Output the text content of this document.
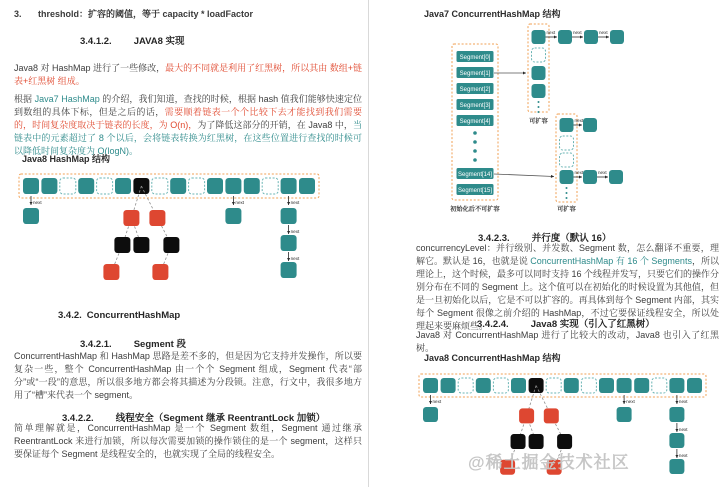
3. threshold：扩容的阈值，等于 capacity * loadFactor
3.4.1.2. JAVA8 实现

Java8 对 HashMap 进行了一些修改，最大的不同就是利用了红黑树，所以其由 数组+链表+红黑树 组成。

根据 Java7 HashMap 的介绍，我们知道，查找的时候，根据 hash 值我们能够快速定位到数组的具体下标，但是之后的话，需要顺着链表一个个比较下去才能找到我们需要的，时间复杂度取决于链表的长度，为 O(n)，为了降低这部分的开销，在 Java8 中，当链表中的元素超过了 8 个以后，会将链表转换为红黑树，在这些位置进行查找的时候可以降低时间复杂度为 O(logN)。

Java8 HashMap 结构
next	next	next
next
next
3.4.2. ConcurrentHashMap
3.4.2.1. Segment 段

ConcurrentHashMap 和 HashMap 思路是差不多的，但是因为它支持并发操作，所以要复杂一些，整个 ConcurrentHashMap 由一个个 Segment 组成，Segment 代表“部分”或“一段”的意思，所以很多地方都会将其描述为分段锁。注意，行文中，我很多地方用了“槽”来代表一个 segment。

3.4.2.2. 线程安全（Segment 继承 ReentrantLock 加锁）

简单理解就是，ConcurrentHashMap 是一个 Segment 数组，Segment 通过继承 ReentrantLock 来进行加锁，所以每次需要加锁的操作锁住的是一个 segment，这样只要保证每个 Segment 是线程安全的，也就实现了全局的线程安全。

Java7 ConcurrentHashMap 结构
Segment[0]
Segment[1]
Segment[2]
Segment[3]
Segment[4]
Segment[14]
Segment[15]
初始化后不可扩容
可扩容
next	next	next
可扩容
next
next	next
3.4.2.3. 并行度（默认 16）

concurrencyLevel：并行级别、并发数、Segment 数，怎么翻译不重要，理解它。默认是 16，也就是说 ConcurrentHashMap 有 16 个 Segments，所以理论上，这个时候，最多可以同时支持 16 个线程并发写，只要它们的操作分别分布在不同的 Segment 上。这个值可以在初始化的时候设置为其他值，但是一旦初始化以后，它是不可以扩容的。再具体到每个 Segment 内部，其实每个 Segment 很像之前介绍的 HashMap，不过它要保证线程安全，所以处理起来要麻烦些。

3.4.2.4. Java8 实现（引入了红黑树）

Java8 对 ConcurrentHashMap 进行了比较大的改动，Java8 也引入了红黑树。

Java8 ConcurrentHashMap 结构
next	next	next
next
next
@稀土掘金技术社区
